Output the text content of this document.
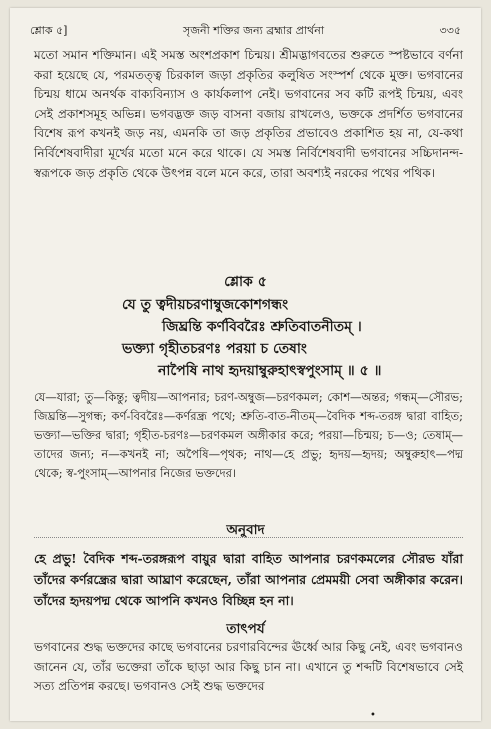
শ্লোক ৫]	সৃজনী শক্তির জন্য ব্রহ্মার প্রার্থনা	৩৩৫

মতো সমান শক্তিমান। এই সমস্ত অংশপ্রকাশ চিন্ময়। শ্রীমদ্ভাগবতের শুরুতে স্পষ্টভাবে বর্ণনা করা হয়েছে যে, পরমতত্ত্ব চিরকাল জড়া প্রকৃতির কলুষিত সংস্পর্শ থেকে মুক্ত। ভগবানের চিন্ময় ধামে অনর্থক বাক্যবিন্যাস ও কার্যকলাপ নেই। ভগবানের সব কটি রূপই চিন্ময়, এবং সেই প্রকাশসমূহ অভিন্ন। ভগবদ্ভক্ত জড় বাসনা বজায় রাখলেও, ভক্তকে প্রদর্শিত ভগবানের বিশেষ রূপ কখনই জড় নয়, এমনকি তা জড় প্রকৃতির প্রভাবেও প্রকাশিত হয় না, যে-কথা নির্বিশেষবাদীরা মূর্খের মতো মনে করে থাকে। যে সমস্ত নির্বিশেষবাদী ভগবানের সচ্চিদানন্দ-স্বরূপকে জড় প্রকৃতি থেকে উৎপন্ন বলে মনে করে, তারা অবশ্যই নরকের পথের পথিক।

শ্লোক ৫
যে তু ত্বদীয়চরণাম্বুজকোশগন্ধং
জিঘ্রন্তি কর্ণবিবরৈঃ শ্রুতিবাতনীতম্‌ ।
ভক্ত্যা গৃহীতচরণঃ পরয়া চ তেষাং
নাপৈষি নাথ হৃদয়াম্বুরুহাৎস্বপুংসাম্‌ ॥ ৫ ॥

যে—যারা; তু—কিন্তু; ত্বদীয়—আপনার; চরণ-অম্বুজ—চরণকমল; কোশ—অন্তর; গন্ধম্‌—সৌরভ; জিঘ্রন্তি—সুগন্ধ; কর্ণ-বিবরৈঃ—কর্ণরন্ধ্র পথে; শ্রুতি-বাত-নীতম্‌—বৈদিক শব্দ-তরঙ্গ দ্বারা বাহিত; ভক্ত্যা—ভক্তির দ্বারা; গৃহীত-চরণঃ—চরণকমল অঙ্গীকার করে; পরয়া—চিন্ময়; চ—ও; তেষাম্‌—তাদের জন্য; ন—কখনই না; অপৈষি—পৃথক; নাথ—হে প্রভু; হৃদয়—হৃদয়; অম্বুরুহাৎ—পদ্ম থেকে; স্ব-পুংসাম্‌—আপনার নিজের ভক্তদের।

অনুবাদ

হে প্রভু! বৈদিক শব্দ-তরঙ্গরূপ বায়ুর দ্বারা বাহিত আপনার চরণকমলের সৌরভ যাঁরা তাঁদের কর্ণরন্ধ্রের দ্বারা আঘ্রাণ করেছেন, তাঁরা আপনার প্রেমময়ী সেবা অঙ্গীকার করেন। তাঁদের হৃদয়পদ্ম থেকে আপনি কখনও বিচ্ছিন্ন হন না।

তাৎপর্য

ভগবানের শুদ্ধ ভক্তদের কাছে ভগবানের চরণারবিন্দের ঊর্ধ্বে আর কিছু নেই, এবং ভগবানও জানেন যে, তাঁর ভক্তেরা তাঁকে ছাড়া আর কিছু চান না। এখানে তু শব্দটি বিশেষভাবে সেই সত্য প্রতিপন্ন করছে। ভগবানও সেই শুদ্ধ ভক্তদের

•
